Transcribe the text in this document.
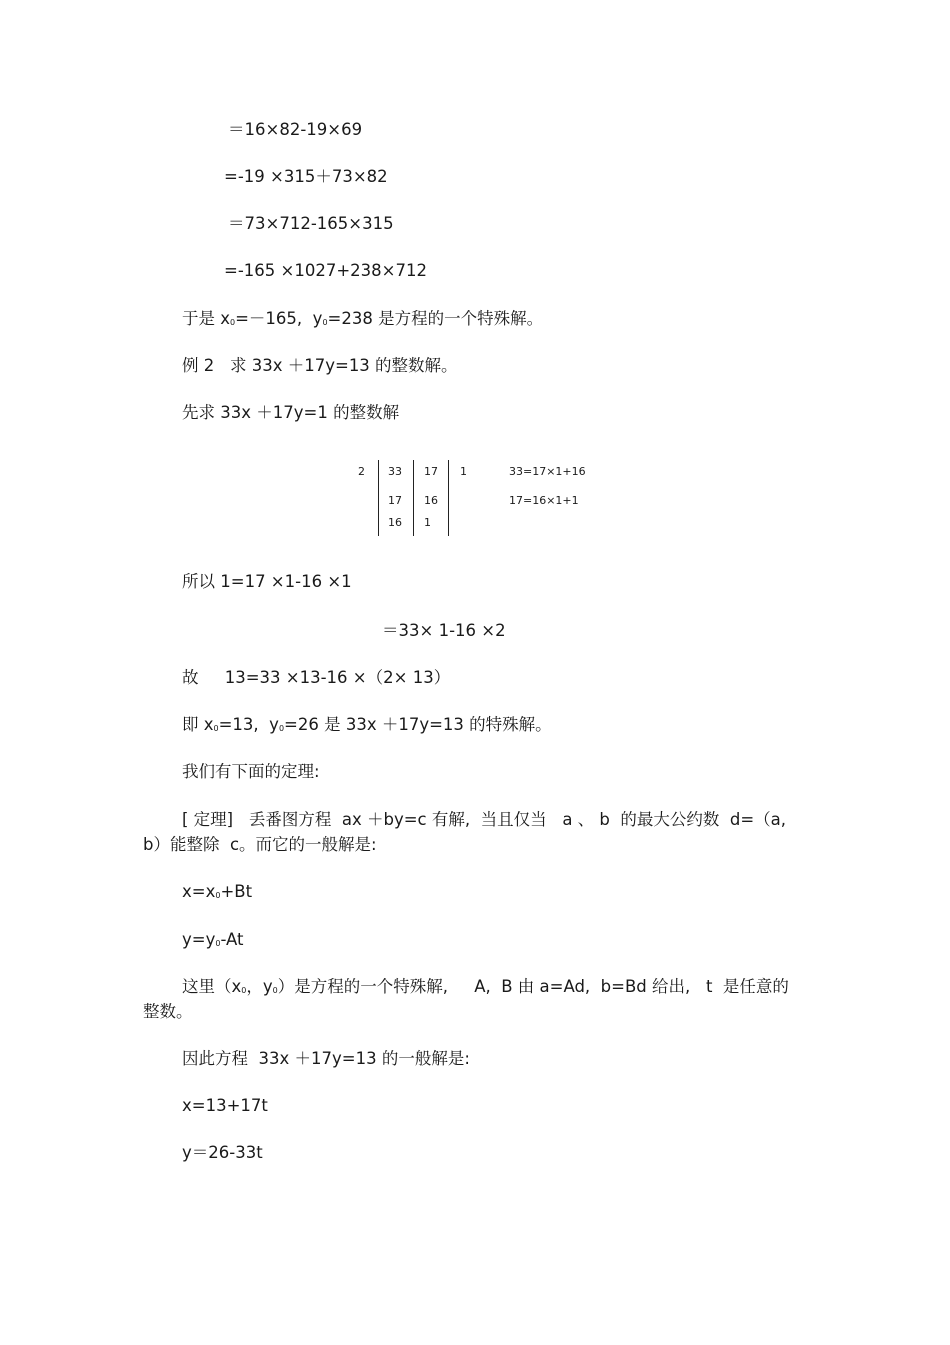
＝16×82-19×69
=-19 ×315＋73×82
＝73×712-165×315
=-165 ×1027+238×712
于是 x0=－165,  y0=238 是方程的一个特殊解。
例 2   求 33x ＋17y=13 的整数解。
先求 33x ＋17y=1 的整数解
2 33 17 1	33=17×1+16
17 16	17=16×1+1
16 1
所以 1=17 ×1-16 ×1
＝33× 1-16 ×2
故     13=33 ×13-16 ×（2× 13）
即 x0=13,  y0=26 是 33x ＋17y=13 的特殊解。
我们有下面的定理:
[ 定理]   丢番图方程  ax ＋by=c 有解,  当且仅当   a 、 b  的最大公约数  d=（a,
b）能整除  c。而它的一般解是:
x=x0+Bt
y=y0-At
这里（x0，y0）是方程的一个特殊解,     A,  B 由 a=Ad,  b=Bd 给出,   t  是任意的
整数。
因此方程  33x ＋17y=13 的一般解是:
x=13+17t
y＝26-33t
